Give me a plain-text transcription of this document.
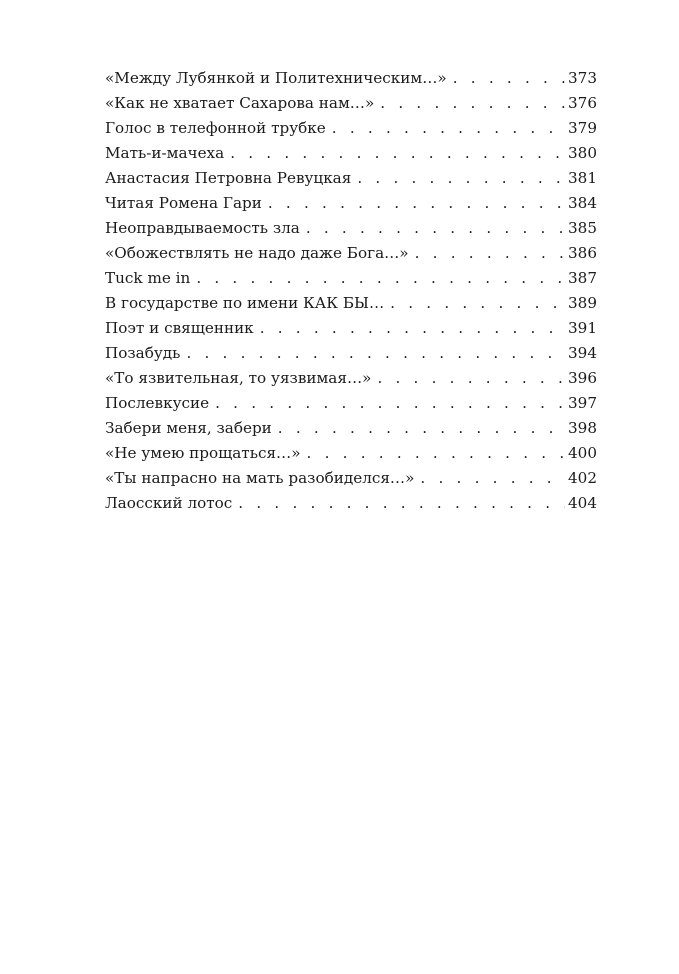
«Между Лубянкой и Политехническим…» . . .	373
«Как не хватает Сахарова нам…» . . .	376
Голос в телефонной трубке . . .	379
Мать-и-мачеха . . .	380
Анастасия Петровна Ревуцкая . . .	381
Читая Ромена Гари . . .	384
Неоправдываемость зла . . .	385
«Обожествлять не надо даже Бога…» . . .	386
Tuck me in . . .	387
В государстве по имени КАК БЫ… . . .	389
Поэт и священник . . .	391
Позабудь . . .	394
«То язвительная, то уязвимая…» . . .	396
Послевкусие . . .	397
Забери меня, забери . . .	398
«Не умею прощаться…» . . .	400
«Ты напрасно на мать разобиделся…» . . .	402
Лаосский лотос . . .	404
